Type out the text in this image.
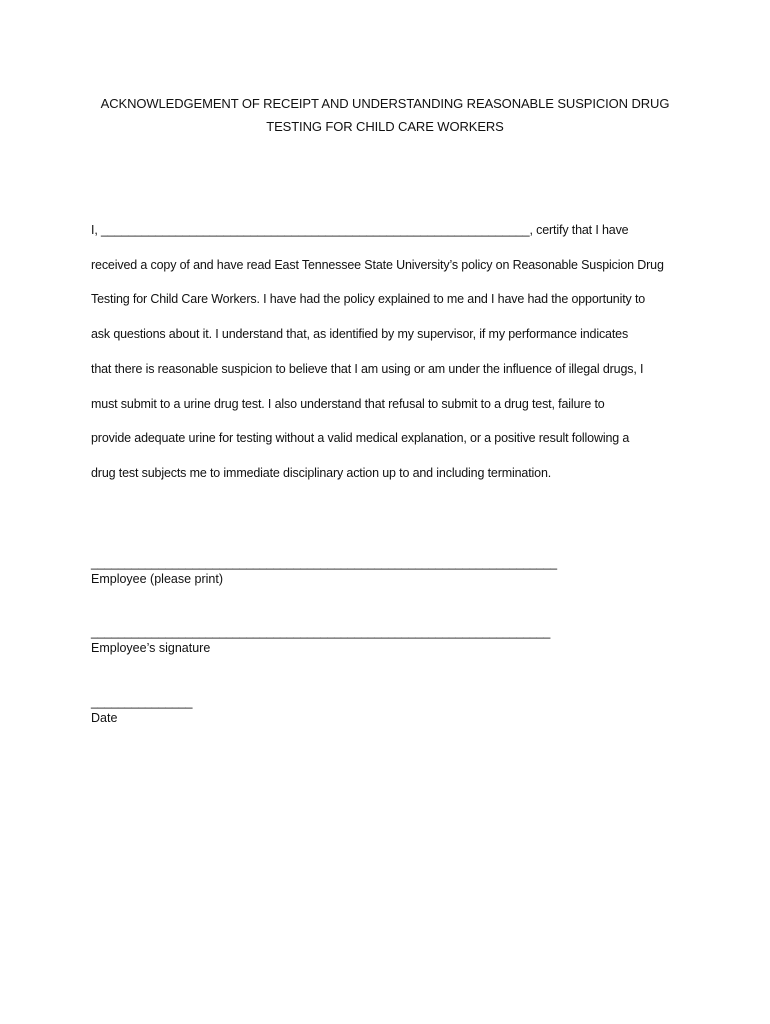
ACKNOWLEDGEMENT OF RECEIPT AND UNDERSTANDING REASONABLE SUSPICION DRUG
TESTING FOR CHILD CARE WORKERS
I, _______________________________________________________________, certify that I have
received a copy of and have read East Tennessee State University’s policy on Reasonable Suspicion Drug
Testing for Child Care Workers. I have had the policy explained to me and I have had the opportunity to
ask questions about it. I understand that, as identified by my supervisor, if my performance indicates
that there is reasonable suspicion to believe that I am using or am under the influence of illegal drugs, I
must submit to a urine drug test. I also understand that refusal to submit to a drug test, failure to
provide adequate urine for testing without a valid medical explanation, or a positive result following a
drug test subjects me to immediate disciplinary action up to and including termination.
_____________________________________________________________________
Employee (please print)
____________________________________________________________________
Employee’s signature
_______________
Date
